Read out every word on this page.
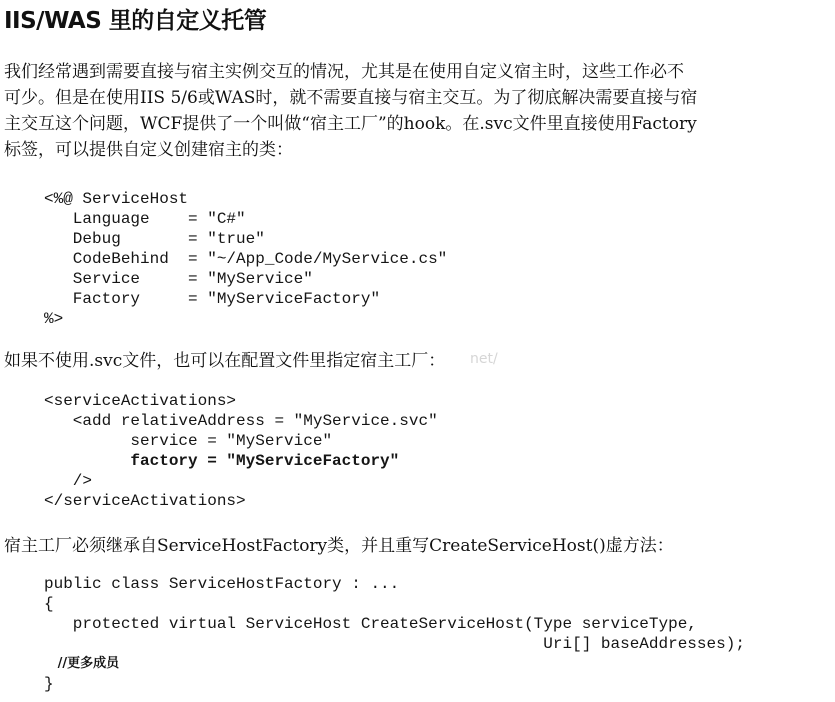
IIS/WAS 里的自定义托管

我们经常遇到需要直接与宿主实例交互的情况，尤其是在使用自定义宿主时，这些工作必不
可少。但是在使用IIS 5/6或WAS时，就不需要直接与宿主交互。为了彻底解决需要直接与宿
主交互这个问题，WCF提供了一个叫做“宿主工厂”的hook。在.svc文件里直接使用Factory
标签，可以提供自定义创建宿主的类：

<%@ ServiceHost
Language    = "C#"
Debug       = "true"
CodeBehind  = "~/App_Code/MyService.cs"
Service     = "MyService"
Factory     = "MyServiceFactory"
%>

如果不使用.svc文件，也可以在配置文件里指定宿主工厂：	net/
<serviceActivations>
<add relativeAddress = "MyService.svc"
service = "MyService"
factory = "MyServiceFactory"
/>
</serviceActivations>

宿主工厂必须继承自ServiceHostFactory类，并且重写CreateServiceHost()虚方法：

public class ServiceHostFactory : ...
{
protected virtual ServiceHost CreateServiceHost(Type serviceType,
Uri[] baseAddresses);
//更多成员
}
